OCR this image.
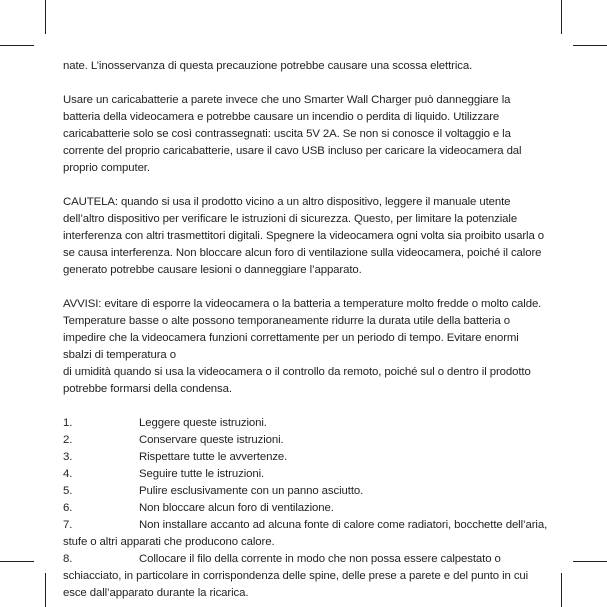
nate. L’inosservanza di questa precauzione potrebbe causare una scossa elettrica.

Usare un caricabatterie a parete invece che uno Smarter Wall Charger può danneggiare la batteria della videocamera e potrebbe causare un incendio o perdita di liquido. Utilizzare caricabatterie solo se così contrassegnati: uscita 5V 2A. Se non si conosce il voltaggio e la corrente del proprio caricabatterie, usare il cavo USB incluso per caricare la videocamera dal proprio computer.

CAUTELA: quando si usa il prodotto vicino a un altro dispositivo, leggere il manuale utente dell’altro dispositivo per verificare le istruzioni di sicurezza. Questo, per limitare la potenziale interferenza con altri trasmettitori digitali. Spegnere la videocamera ogni volta sia proibito usarla o se causa interferenza. Non bloccare alcun foro di ventilazione sulla videocamera, poiché il calore generato potrebbe causare lesioni o danneggiare l’apparato.

AVVISI: evitare di esporre la videocamera o la batteria a temperature molto fredde o molto calde. Temperature basse o alte possono temporaneamente ridurre la durata utile della batteria o impedire che la videocamera funzioni correttamente per un periodo di tempo. Evitare enormi sbalzi di temperatura o
di umidità quando si usa la videocamera o il controllo da remoto, poiché sul o dentro il prodotto potrebbe formarsi della condensa.

1.	Leggere queste istruzioni.
2.	Conservare queste istruzioni.
3.	Rispettare tutte le avvertenze.
4.	Seguire tutte le istruzioni.
5.	Pulire esclusivamente con un panno asciutto.
6.	Non bloccare alcun foro di ventilazione.
7.	Non installare accanto ad alcuna fonte di calore come radiatori, bocchette dell’aria, stufe o altri apparati che producono calore.
8.	Collocare il filo della corrente in modo che non possa essere calpestato o schiacciato, in particolare in corrispondenza delle spine, delle prese a parete e del punto in cui esce dall’apparato durante la ricarica.
